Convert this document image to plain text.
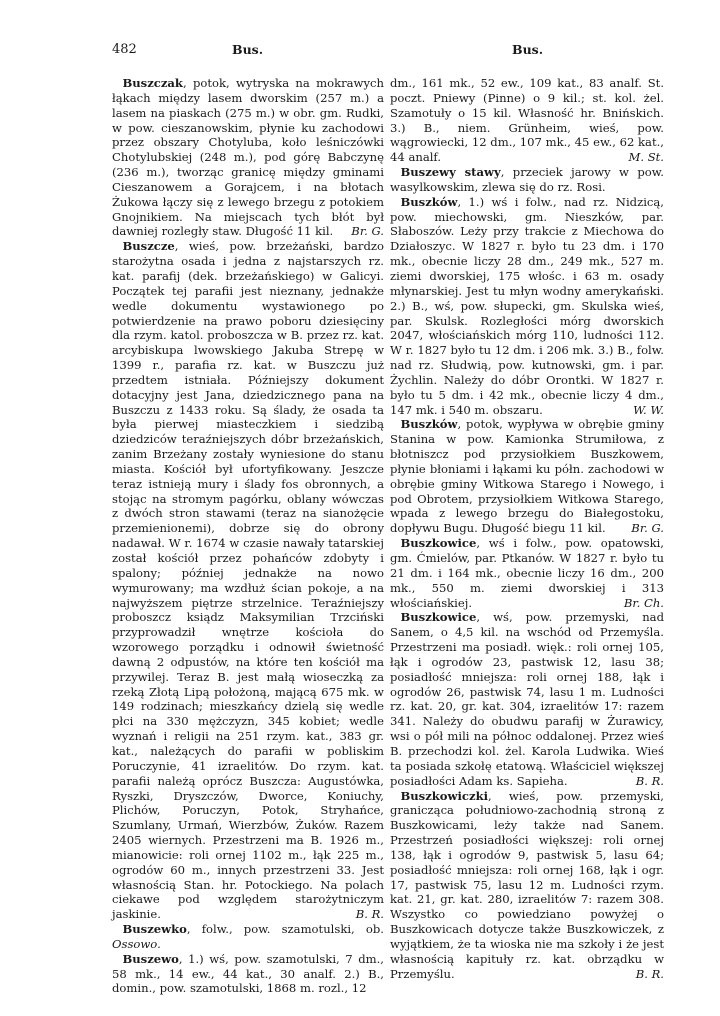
482	Bus.	Bus.

Buszczak, potok, wytryska na mokrawych łąkach między lasem dworskim (257 m.) a lasem na piaskach (275 m.) w obr. gm. Rudki, w pow. cieszanowskim, płynie ku zachodowi przez obszary Chotyluba, koło leśniczówki Chotylubskiej (248 m.), pod górę Babczynę (236 m.), tworząc granicę między gminami Cieszanowem a Gorajcem, i na błotach Żukowa łączy się z lewego brzegu z potokiem Gnojnikiem. Na miejscach tych błót był dawniej rozległy staw. Długość 11 kil.	Br. G.

Buszcze, wieś, pow. brzeżański, bardzo starożytna osada i jedna z najstarszych rz. kat. parafij (dek. brzeżańskiego) w Galicyi. Początek tej parafii jest nieznany, jednakże wedle dokumentu wystawionego po potwierdzenie na prawo poboru dziesięciny dla rzym. katol. proboszcza w B. przez rz. kat. arcybiskupa lwowskiego Jakuba Strepę w 1399 r., parafia rz. kat. w Buszczu już przedtem istniała. Późniejszy dokument dotacyjny jest Jana, dziedzicznego pana na Buszczu z 1433 roku. Są ślady, że osada ta była pierwej miasteczkiem i siedzibą dziedziców teraźniejszych dóbr brzeżańskich, zanim Brzeżany zostały wyniesione do stanu miasta. Kościół był ufortyfikowany. Jeszcze teraz istnieją mury i ślady fos obronnych, a stojąc na stromym pagórku, oblany wówczas z dwóch stron stawami (teraz na sianożęcie przemienionemi), dobrze się do obrony nadawał. W r. 1674 w czasie nawały tatarskiej został kościół przez pohańców zdobyty i spalony; później jednakże na nowo wymurowany; ma wzdłuż ścian pokoje, a na najwyższem piętrze strzelnice. Teraźniejszy proboszcz ksiądz Maksymilian Trzciński przyprowadził wnętrze kościoła do wzorowego porządku i odnowił świetność dawną 2 odpustów, na które ten kościół ma przywilej. Teraz B. jest małą wioseczką za rzeką Złotą Lipą położoną, mającą 675 mk. w 149 rodzinach; mieszkańcy dzielą się wedle płci na 330 mężczyzn, 345 kobiet; wedle wyznań i religii na 251 rzym. kat., 383 gr. kat., należących do parafii w pobliskim Poruczynie, 41 izraelitów. Do rzym. kat. parafii należą oprócz Buszcza: Augustówka, Ryszki, Dryszczów, Dworce, Koniuchy, Plichów, Poruczyn, Potok, Stryhańce, Szumlany, Urmań, Wierzbów, Żuków. Razem 2405 wiernych. Przestrzeni ma B. 1926 m., mianowicie: roli ornej 1102 m., łąk 225 m., ogrodów 60 m., innych przestrzeni 33. Jest własnością Stan. hr. Potockiego. Na polach ciekawe pod względem starożytniczym jaskinie.	B. R.

Buszewko, folw., pow. szamotulski, ob. Ossowo.

Buszewo, 1.) wś, pow. szamotulski, 7 dm., 58 mk., 14 ew., 44 kat., 30 analf. 2.) B., domin., pow. szamotulski, 1868 m. rozl., 12

dm., 161 mk., 52 ew., 109 kat., 83 analf. St. poczt. Pniewy (Pinne) o 9 kil.; st. kol. żel. Szamotuły o 15 kil. Własność hr. Bnińskich. 3.) B., niem. Grünheim, wieś, pow. wągrowiecki, 12 dm., 107 mk., 45 ew., 62 kat., 44 analf.	M. St.

Buszewy stawy, przeciek jarowy w pow. wasylkowskim, zlewa się do rz. Rosi.

Buszków, 1.) wś i folw., nad rz. Nidzicą, pow. miechowski, gm. Nieszków, par. Słaboszów. Leży przy trakcie z Miechowa do Działoszyc. W 1827 r. było tu 23 dm. i 170 mk., obecnie liczy 28 dm., 249 mk., 527 m. ziemi dworskiej, 175 włośc. i 63 m. osady młynarskiej. Jest tu młyn wodny amerykański. 2.) B., wś, pow. słupecki, gm. Skulska wieś, par. Skulsk. Rozległości mórg dworskich 2047, włościańskich mórg 110, ludności 112. W r. 1827 było tu 12 dm. i 206 mk. 3.) B., folw. nad rz. Słudwią, pow. kutnowski, gm. i par. Żychlin. Należy do dóbr Orontki. W 1827 r. było tu 5 dm. i 42 mk., obecnie liczy 4 dm., 147 mk. i 540 m. obszaru.	W. W.

Buszków, potok, wypływa w obrębie gminy Stanina w pow. Kamionka Strumiłowa, z błotniszcz pod przysiołkiem Buszkowem, płynie błoniami i łąkami ku półn. zachodowi w obrębie gminy Witkowa Starego i Nowego, i pod Obrotem, przysiołkiem Witkowa Starego, wpada z lewego brzegu do Białegostoku, dopływu Bugu. Długość biegu 11 kil.	Br. G.

Buszkowice, wś i folw., pow. opatowski, gm. Ćmielów, par. Ptkanów. W 1827 r. było tu 21 dm. i 164 mk., obecnie liczy 16 dm., 200 mk., 550 m. ziemi dworskiej i 313 włościańskiej.	Br. Ch.

Buszkowice, wś, pow. przemyski, nad Sanem, o 4,5 kil. na wschód od Przemyśla. Przestrzeni ma posiadł. więk.: roli ornej 105, łąk i ogrodów 23, pastwisk 12, lasu 38; posiadłość mniejsza: roli ornej 188, łąk i ogrodów 26, pastwisk 74, lasu 1 m. Ludności rz. kat. 20, gr. kat. 304, izraelitów 17: razem 341. Należy do obudwu parafij w Żurawicy, wsi o pół mili na północ oddalonej. Przez wieś B. przechodzi kol. żel. Karola Ludwika. Wieś ta posiada szkołę etatową. Właściciel większej posiadłości Adam ks. Sapieha.	B. R.

Buszkowiczki, wieś, pow. przemyski, granicząca południowo-zachodnią stroną z Buszkowicami, leży także nad Sanem. Przestrzeń posiadłości większej: roli ornej 138, łąk i ogrodów 9, pastwisk 5, lasu 64; posiadłość mniejsza: roli ornej 168, łąk i ogr. 17, pastwisk 75, lasu 12 m. Ludności rzym. kat. 21, gr. kat. 280, izraelitów 7: razem 308. Wszystko co powiedziano powyżej o Buszkowicach dotycze także Buszkowiczek, z wyjątkiem, że ta wioska nie ma szkoły i że jest własnością kapituły rz. kat. obrządku w Przemyślu.	B. R.
